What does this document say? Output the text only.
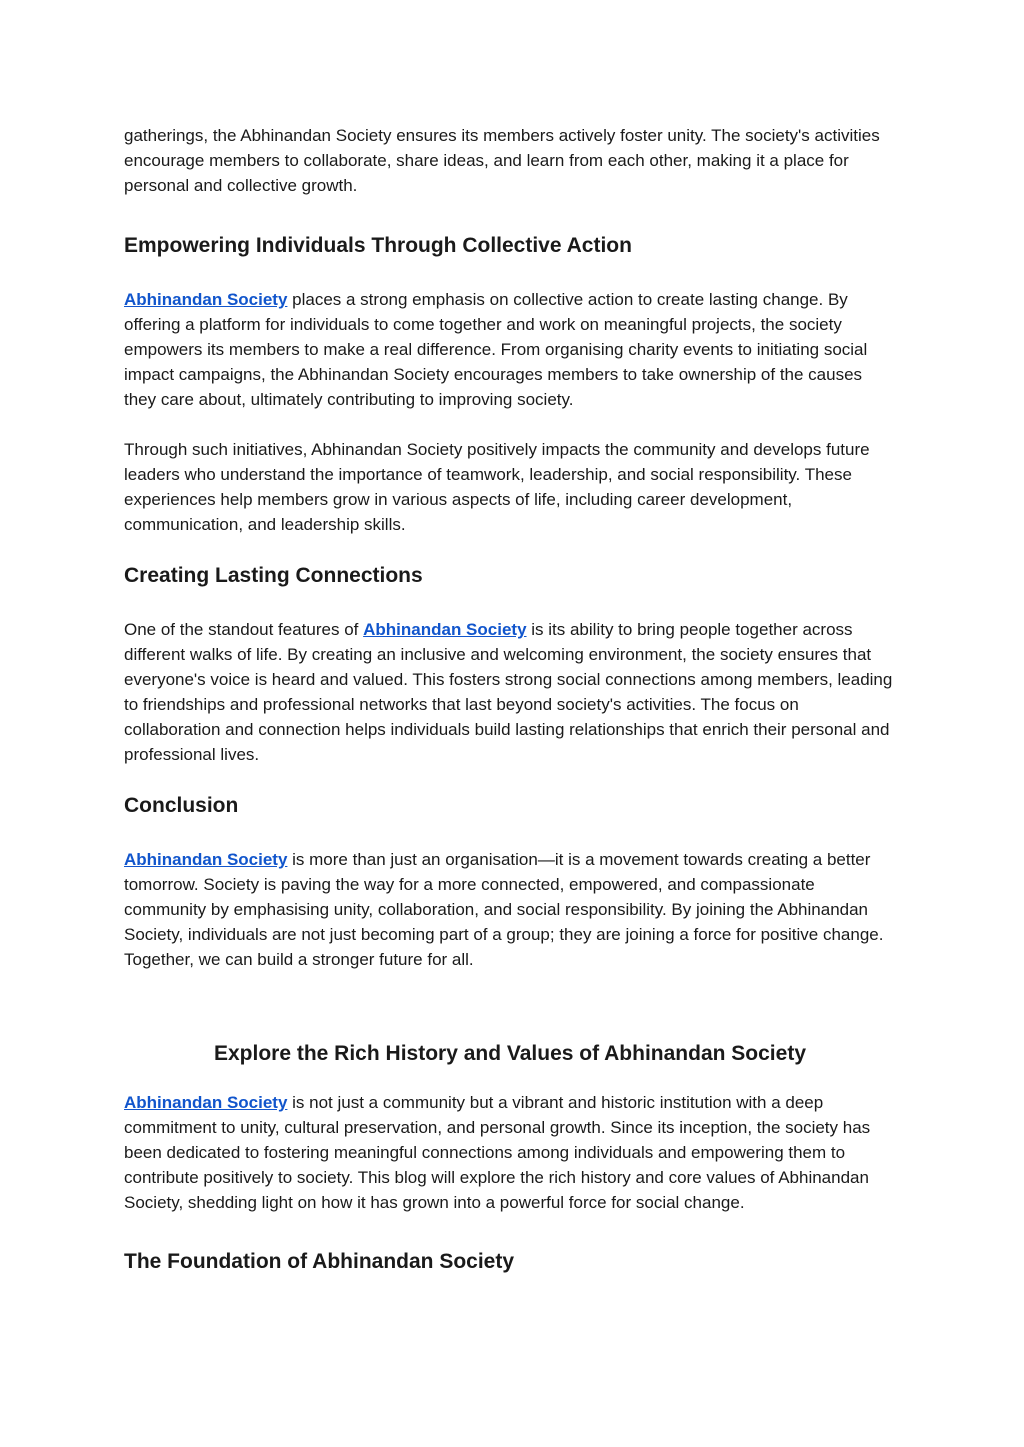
gatherings, the Abhinandan Society ensures its members actively foster unity. The society's activities encourage members to collaborate, share ideas, and learn from each other, making it a place for personal and collective growth.

Empowering Individuals Through Collective Action

Abhinandan Society places a strong emphasis on collective action to create lasting change. By offering a platform for individuals to come together and work on meaningful projects, the society empowers its members to make a real difference. From organising charity events to initiating social impact campaigns, the Abhinandan Society encourages members to take ownership of the causes they care about, ultimately contributing to improving society.

Through such initiatives, Abhinandan Society positively impacts the community and develops future leaders who understand the importance of teamwork, leadership, and social responsibility. These experiences help members grow in various aspects of life, including career development, communication, and leadership skills.

Creating Lasting Connections

One of the standout features of Abhinandan Society is its ability to bring people together across different walks of life. By creating an inclusive and welcoming environment, the society ensures that everyone's voice is heard and valued. This fosters strong social connections among members, leading to friendships and professional networks that last beyond society's activities. The focus on collaboration and connection helps individuals build lasting relationships that enrich their personal and professional lives.

Conclusion

Abhinandan Society is more than just an organisation—it is a movement towards creating a better tomorrow. Society is paving the way for a more connected, empowered, and compassionate community by emphasising unity, collaboration, and social responsibility. By joining the Abhinandan Society, individuals are not just becoming part of a group; they are joining a force for positive change. Together, we can build a stronger future for all.

Explore the Rich History and Values of Abhinandan Society

Abhinandan Society is not just a community but a vibrant and historic institution with a deep commitment to unity, cultural preservation, and personal growth. Since its inception, the society has been dedicated to fostering meaningful connections among individuals and empowering them to contribute positively to society. This blog will explore the rich history and core values of Abhinandan Society, shedding light on how it has grown into a powerful force for social change.

The Foundation of Abhinandan Society
